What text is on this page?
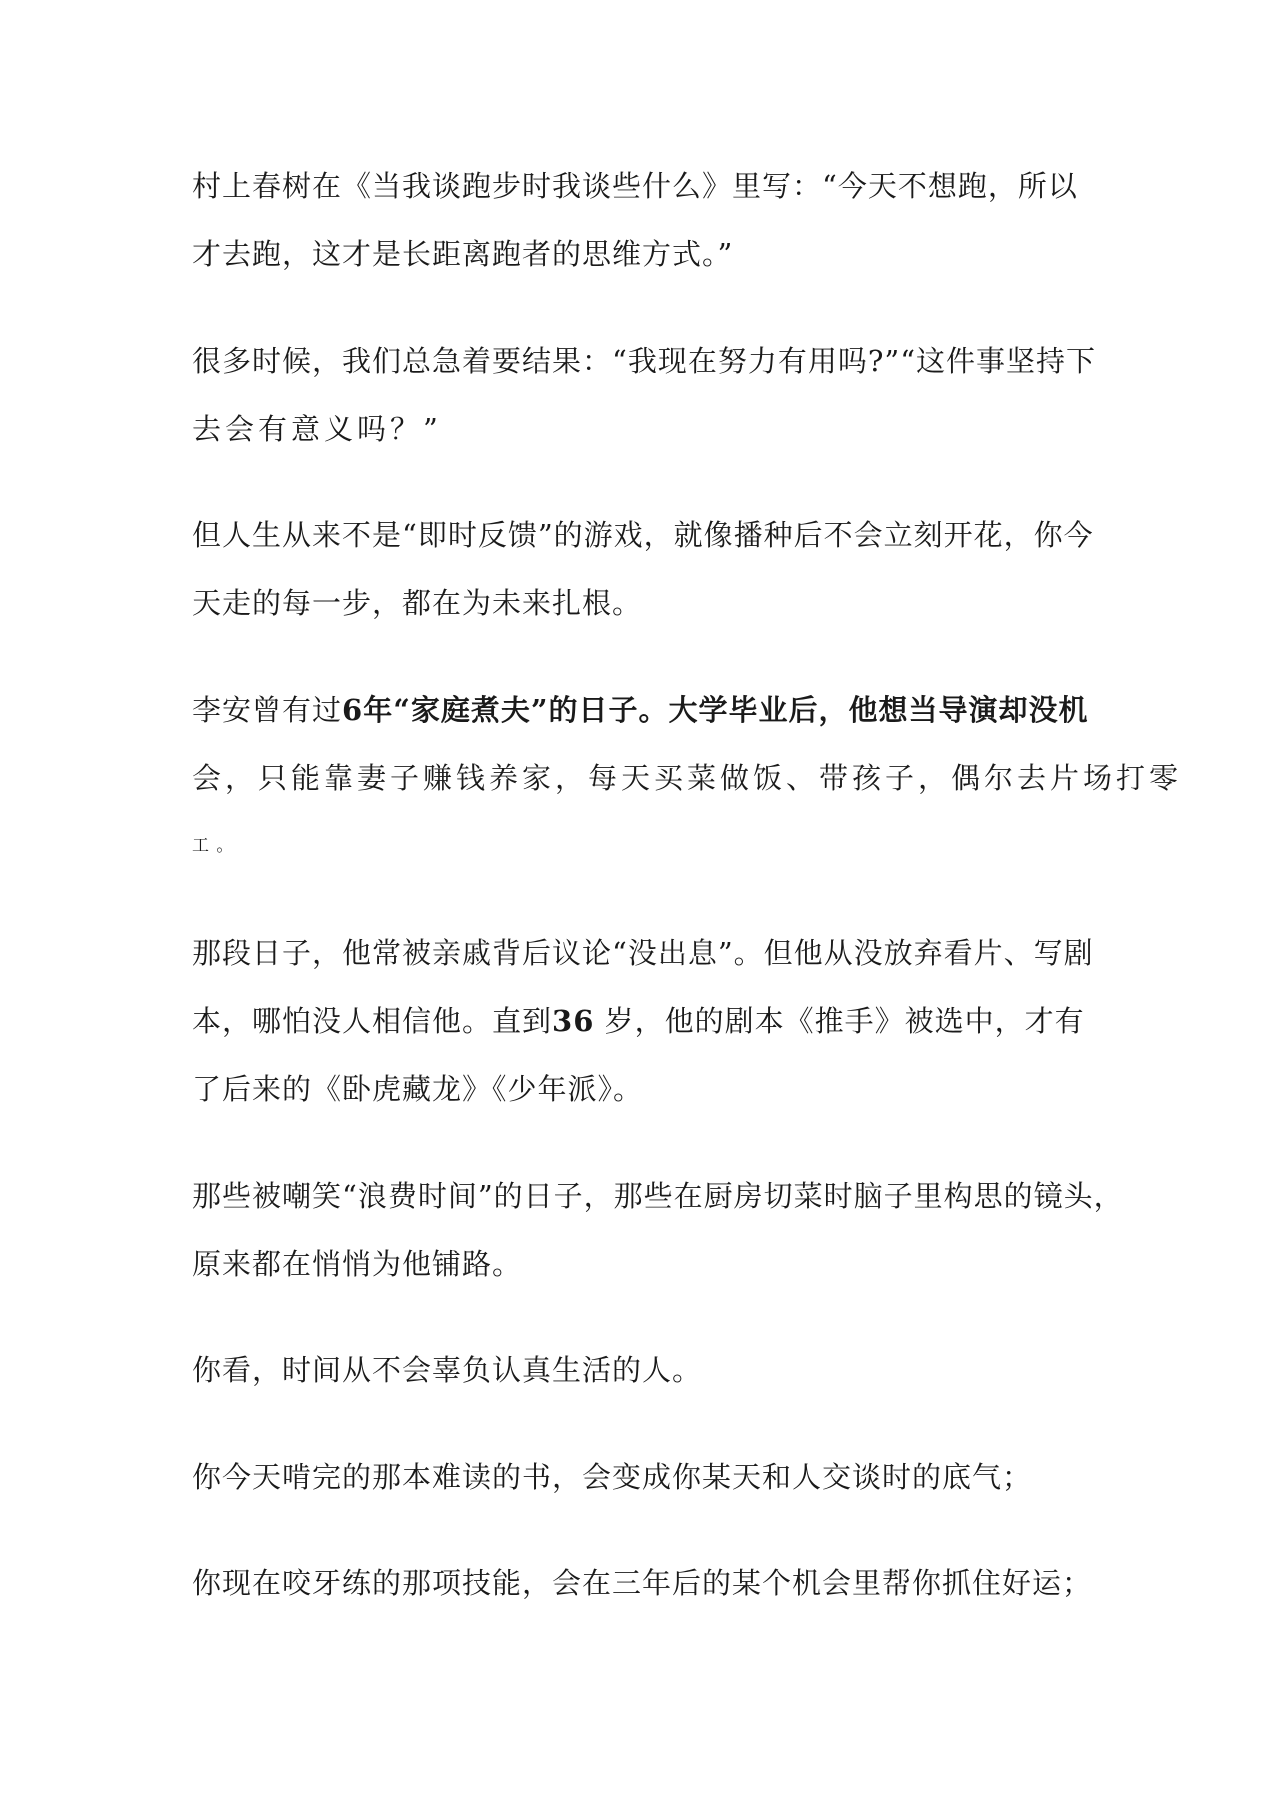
村上春树在《当我谈跑步时我谈些什么》里写：“今天不想跑，所以
才去跑，这才是长距离跑者的思维方式。”
很多时候，我们总急着要结果：“我现在努力有用吗?”“这件事坚持下
去会有意义吗？”
但人生从来不是“即时反馈”的游戏，就像播种后不会立刻开花，你今
天走的每一步，都在为未来扎根。
李安曾有过6年“家庭煮夫”的日子。大学毕业后，他想当导演却没机
会，只能靠妻子赚钱养家，每天买菜做饭、带孩子，偶尔去片场打零
工 。
那段日子，他常被亲戚背后议论“没出息”。但他从没放弃看片、写剧
本，哪怕没人相信他。直到36 岁，他的剧本《推手》被选中，才有
了后来的《卧虎藏龙》《少年派》。
那些被嘲笑“浪费时间”的日子，那些在厨房切菜时脑子里构思的镜头，
原来都在悄悄为他铺路。
你看，时间从不会辜负认真生活的人。
你今天啃完的那本难读的书，会变成你某天和人交谈时的底气；
你现在咬牙练的那项技能，会在三年后的某个机会里帮你抓住好运；
